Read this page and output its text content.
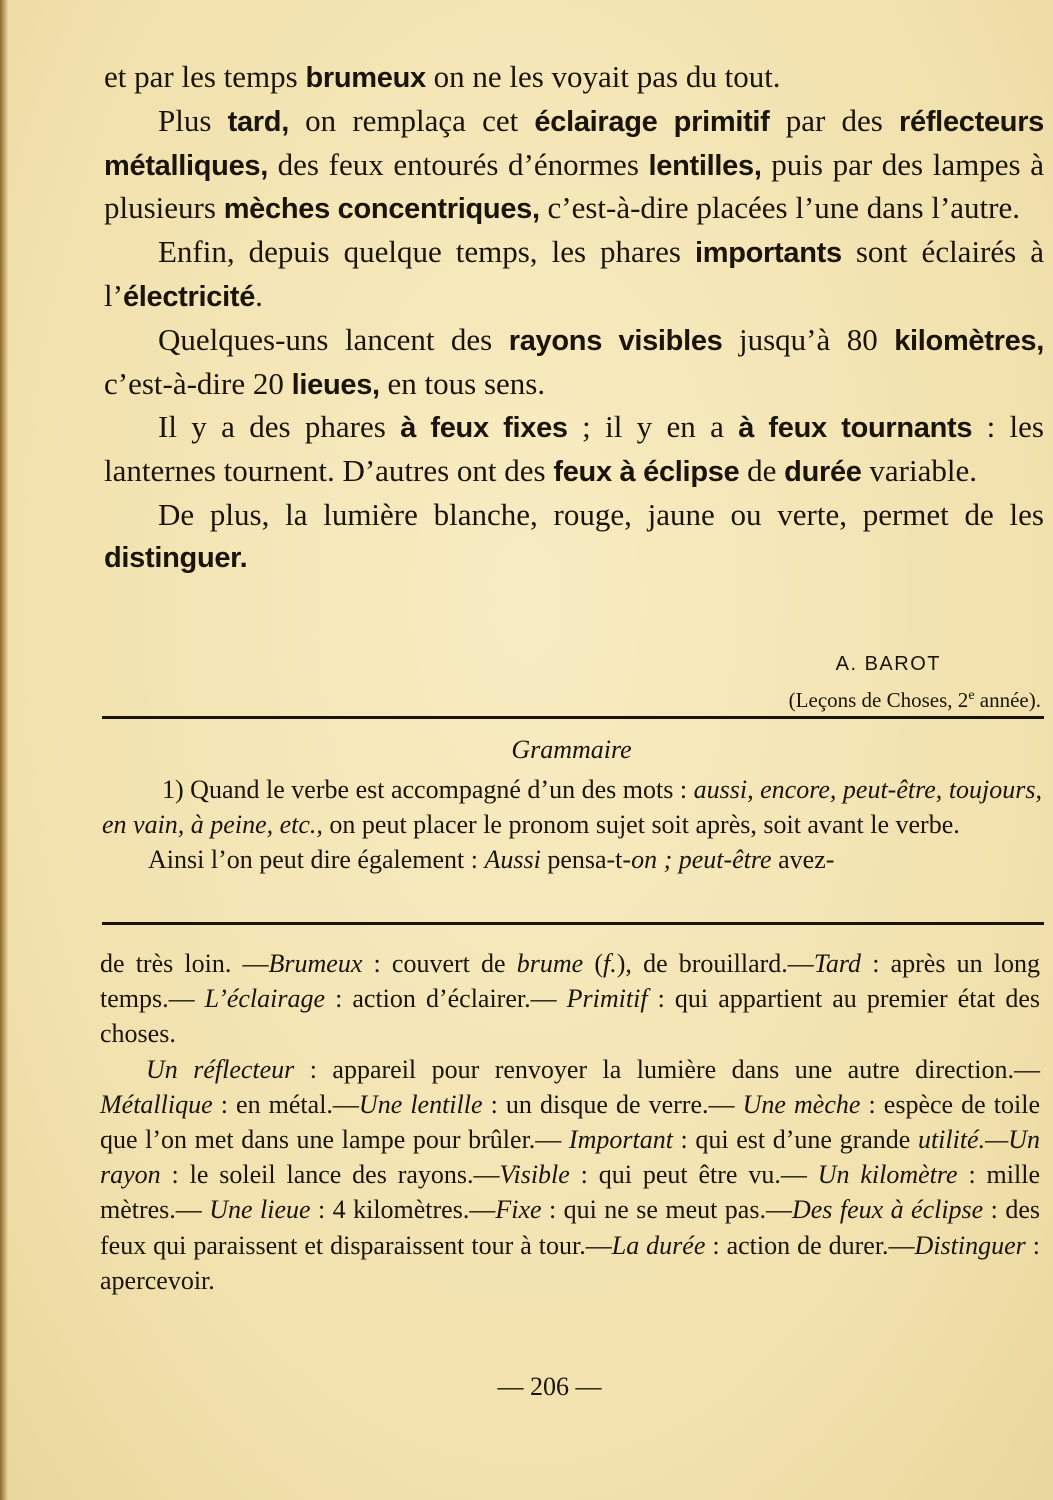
et par les temps brumeux on ne les voyait pas du tout.

Plus tard, on remplaça cet éclairage primitif par des réflecteurs métalliques, des feux entourés d’énormes lentilles, puis par des lampes à plusieurs mèches concentriques, c’est-à-dire placées l’une dans l’autre.

Enfin, depuis quelque temps, les phares importants sont éclairés à l’électricité.

Quelques-uns lancent des rayons visibles jusqu’à 80 kilomètres, c’est-à-dire 20 lieues, en tous sens.

Il y a des phares à feux fixes ; il y en a à feux tournants : les lanternes tournent. D’autres ont des feux à éclipse de durée variable.

De plus, la lumière blanche, rouge, jaune ou verte, permet de les distinguer.

A. BAROT
(Leçons de Choses, 2e année).
Grammaire

1) Quand le verbe est accompagné d’un des mots : aussi, encore, peut-être, toujours, en vain, à peine, etc., on peut placer le pronom sujet soit après, soit avant le verbe.

Ainsi l’on peut dire également : Aussi pensa-t-on ; peut-être avez-

de très loin. —Brumeux : couvert de brume (f.), de brouillard.—Tard : après un long temps.— L’éclairage : action d’éclairer.— Primitif : qui appartient au premier état des choses.

Un réflecteur : appareil pour renvoyer la lumière dans une autre direction.—Métallique : en métal.—Une lentille : un disque de verre.— Une mèche : espèce de toile que l’on met dans une lampe pour brûler.— Important : qui est d’une grande utilité.—Un rayon : le soleil lance des rayons.—Visible : qui peut être vu.— Un kilomètre : mille mètres.— Une lieue : 4 kilomètres.—Fixe : qui ne se meut pas.—Des feux à éclipse : des feux qui paraissent et disparaissent tour à tour.—La durée : action de durer.—Distinguer : apercevoir.

— 206 —
